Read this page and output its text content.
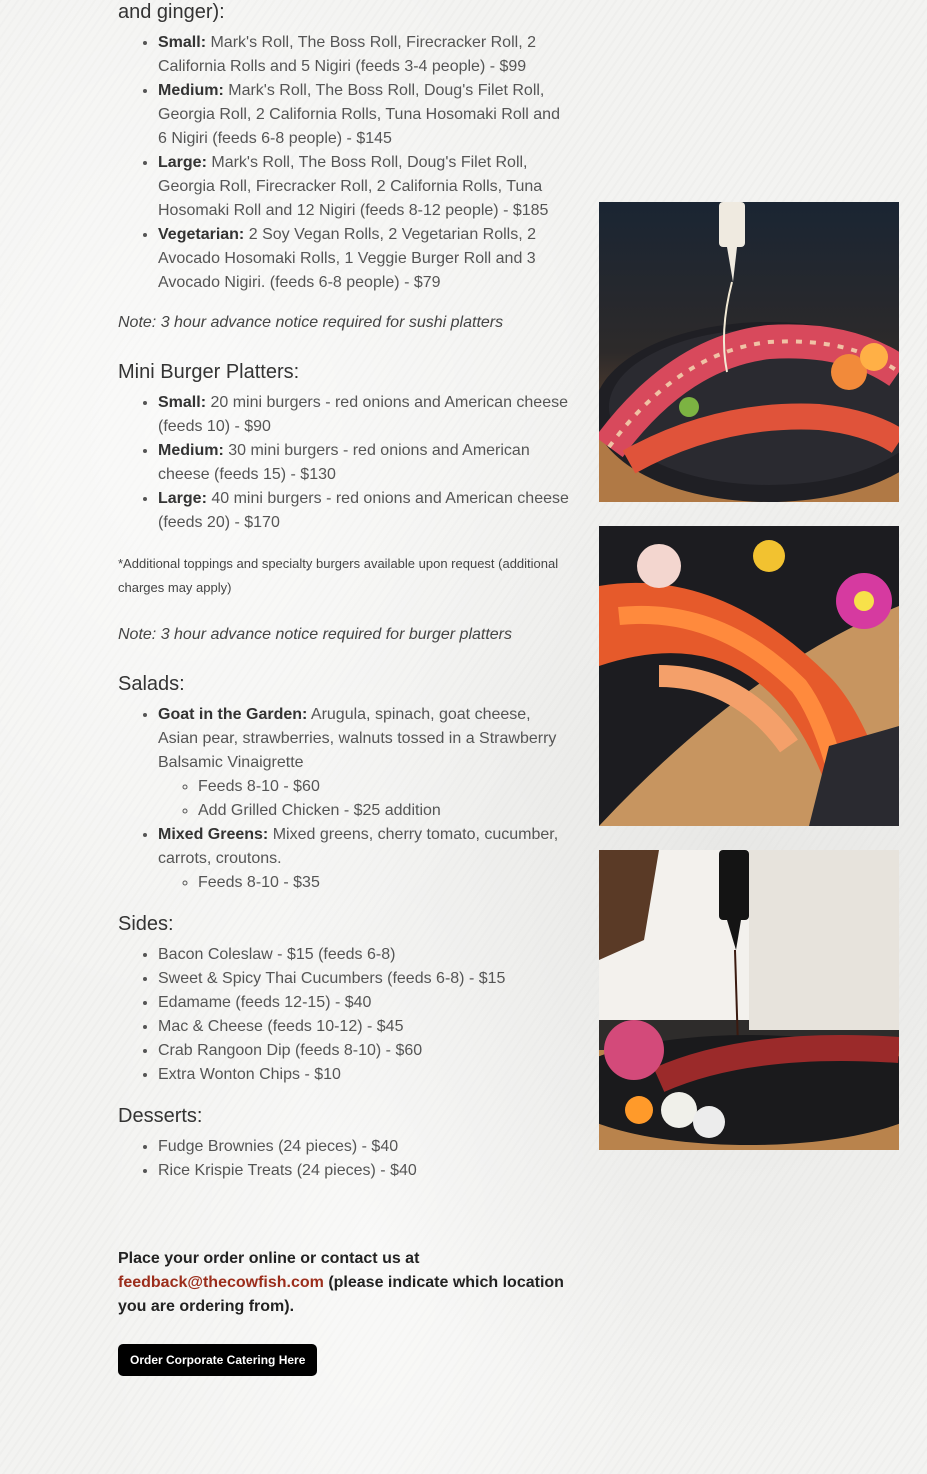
and ginger):
• Small: Mark's Roll, The Boss Roll, Firecracker Roll, 2 California Rolls and 5 Nigiri (feeds 3-4 people) - $99
• Medium: Mark's Roll, The Boss Roll, Doug's Filet Roll, Georgia Roll, 2 California Rolls, Tuna Hosomaki Roll and 6 Nigiri (feeds 6-8 people) - $145
• Large: Mark's Roll, The Boss Roll, Doug's Filet Roll, Georgia Roll, Firecracker Roll, 2 California Rolls, Tuna Hosomaki Roll and 12 Nigiri (feeds 8-12 people) - $185
• Vegetarian: 2 Soy Vegan Rolls, 2 Vegetarian Rolls, 2 Avocado Hosomaki Rolls, 1 Veggie Burger Roll and 3 Avocado Nigiri. (feeds 6-8 people) - $79
Note: 3 hour advance notice required for sushi platters
Mini Burger Platters:
• Small: 20 mini burgers - red onions and American cheese (feeds 10) - $90
• Medium: 30 mini burgers - red onions and American cheese (feeds 15) - $130
• Large: 40 mini burgers - red onions and American cheese (feeds 20) - $170
*Additional toppings and specialty burgers available upon request (additional charges may apply)
Note: 3 hour advance notice required for burger platters
Salads:
• Goat in the Garden: Arugula, spinach, goat cheese, Asian pear, strawberries, walnuts tossed in a Strawberry Balsamic Vinaigrette
◦ Feeds 8-10 - $60
◦ Add Grilled Chicken - $25 addition
• Mixed Greens: Mixed greens, cherry tomato, cucumber, carrots, croutons.
◦ Feeds 8-10 - $35
Sides:
• Bacon Coleslaw - $15 (feeds 6-8)
• Sweet & Spicy Thai Cucumbers (feeds 6-8) - $15
• Edamame (feeds 12-15) - $40
• Mac & Cheese (feeds 10-12) - $45
• Crab Rangoon Dip (feeds 8-10) - $60
• Extra Wonton Chips - $10
Desserts:
• Fudge Brownies (24 pieces) - $40
• Rice Krispie Treats (24 pieces) - $40
Place your order online or contact us at
feedback@thecowfish.com (please indicate which location you are ordering from).
Order Corporate Catering Here
